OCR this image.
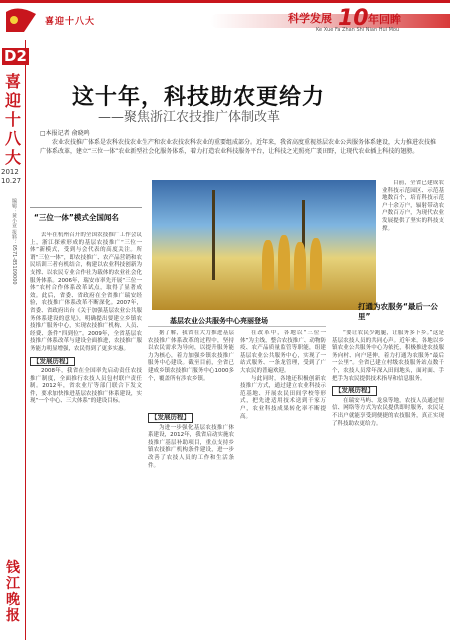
喜迎十八大	科学发展 10 年回眸
Ke Xue Fa Zhan Shi Nian Hui Mou
D2
喜迎十八大
2012
10.27
编辑：黄小亚 报料：0571-85109000
钱江晚报
这十年，科技助农更给力
——聚焦浙江农技推广体制改革
□本报记者 俞晓鸣
农业农技推广体系是农科农技农业生产和农业农技农科农业的重要组成部分。近年来，我省高度重视基层农业公共服务体系建设，大力推进农技推广体系改革，建立“三位一体”农业新型社会化服务体系，着力打造农业科技服务平台，让科技之光照亮广袤田野，让现代农业插上科技的翅膀。
“三位一体”模式全国闻名

去年在杭州召开的全国农技推广工作会议上，浙江探索形成的基层农技推广“三位一体”新模式，受到与会代表的高度关注。所谓“三位一体”，即农技推广、农产品营销和农民培训三者有机结合，构建以农业科技创新为支撑、以农民专业合作社为载体的农业社会化服务体系。2006年，瑞安市率先开展“三位一体”农村合作体系改革试点，取得了显著成效。此后，省委、省政府在全省推广瑞安经验，农技推广体系改革不断深化。2007年，省委、省政府出台《关于加强基层农业公共服务体系建设的意见》，明确提出要建立乡镇农技推广服务中心，实现农技推广机构、人员、经费、条件“四到位”。2009年，全省基层农技推广体系改革与建设全面推进，农技推广服务能力明显增强，农民得到了更多实惠。

【发展历程】

2008年，我省在全国率先启动责任农技推广制度，全面推行农技人员包村联户责任制。2012年，省农业厅等部门联合下发文件，要求加快推进基层农技推广体系建设，实现“一个中心、三大体系”的建设目标。

目前，全省已建成农业科技示范园区、示范基地数百个，培育科技示范户十余万户，辐射带动农户数百万户，为现代农业发展提供了坚实的科技支撑。

基层农业公共服务中心亮丽登场

据了解，我省在大力推进基层农技推广体系改革的过程中，坚持以农民需求为导向，以提升服务能力为核心，着力加强乡镇农技推广服务中心建设。截至目前，全省已建成乡镇农技推广服务中心1000多个，覆盖所有涉农乡镇。

【发展历程】

为进一步强化基层农技推广体系建设，2012年，我省启动实施农技推广基层补助项目，重点支持乡镇农技推广机构条件建设，进一步改善了农技人员的工作和生活条件。

在改革中，各地以“三位一体”为主线，整合农技推广、动物防疫、农产品质量监管等职能，组建基层农业公共服务中心，实现了一站式服务、一条龙管理，受到了广大农民的普遍欢迎。

与此同时，各地还积极创新农技推广方式，通过建立农业科技示范基地、开展农民田间学校等形式，把先进适用技术送到千家万户，农业科技成果转化率不断提高。

打通为农服务“最后一公里”

“要让农民少跑腿，让服务多下乡。”这是基层农技人员的共同心声。近年来，各地以乡镇农业公共服务中心为依托，积极推进农技服务向村、向户延伸，着力打通为农服务“最后一公里”。全省已建立村级农技服务站点数千个，农技人员常年深入田间地头，面对面、手把手为农民提供技术指导和信息服务。

【发展历程】

在瑞安马屿、龙泉等地，农技人员通过短信、网络等方式为农民提供即时服务，农民足不出户就能享受到便捷的农技服务，真正实现了科技助农更给力。
